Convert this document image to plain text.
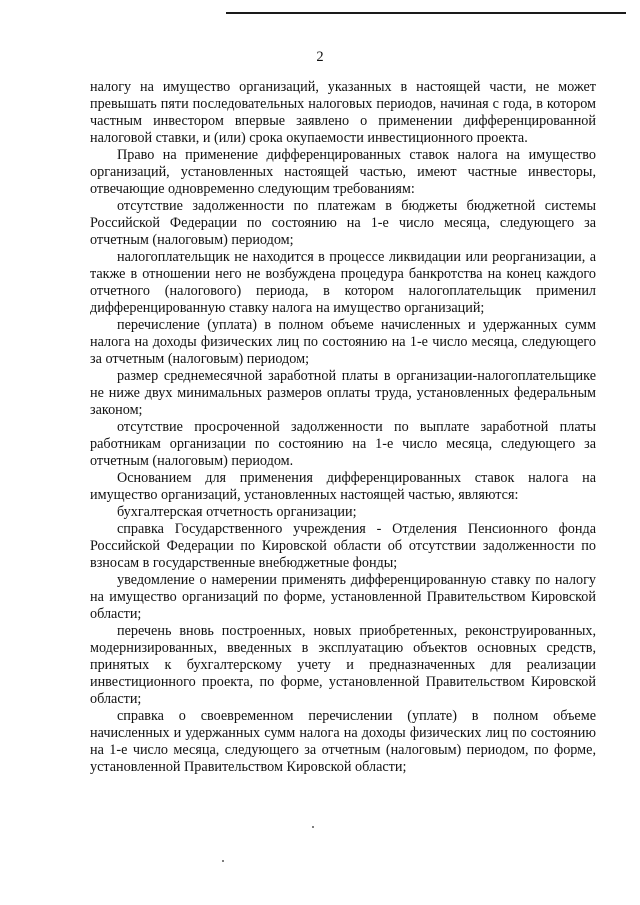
2

налогу на имущество организаций, указанных в настоящей части, не может превышать пяти последовательных налоговых периодов, начиная с года, в котором частным инвестором впервые заявлено о применении дифференцированной налоговой ставки, и (или) срока окупаемости инвестиционного проекта.

Право на применение дифференцированных ставок налога на имущество организаций, установленных настоящей частью, имеют частные инвесторы, отвечающие одновременно следующим требованиям:

отсутствие задолженности по платежам в бюджеты бюджетной системы Российской Федерации по состоянию на 1-е число месяца, следующего за отчетным (налоговым) периодом;

налогоплательщик не находится в процессе ликвидации или реорганизации, а также в отношении него не возбуждена процедура банкротства на конец каждого отчетного (налогового) периода, в котором налогоплательщик применил дифференцированную ставку налога на имущество организаций;

перечисление (уплата) в полном объеме начисленных и удержанных сумм налога на доходы физических лиц по состоянию на 1-е число месяца, следующего за отчетным (налоговым) периодом;

размер среднемесячной заработной платы в организации-налогоплательщике не ниже двух минимальных размеров оплаты труда, установленных федеральным законом;

отсутствие просроченной задолженности по выплате заработной платы работникам организации по состоянию на 1-е число месяца, следующего за отчетным (налоговым) периодом.

Основанием для применения дифференцированных ставок налога на имущество организаций, установленных настоящей частью, являются:

бухгалтерская отчетность организации;

справка Государственного учреждения - Отделения Пенсионного фонда Российской Федерации по Кировской области об отсутствии задолженности по взносам в государственные внебюджетные фонды;

уведомление о намерении применять дифференцированную ставку по налогу на имущество организаций по форме, установленной Правительством Кировской области;

перечень вновь построенных, новых приобретенных, реконструированных, модернизированных, введенных в эксплуатацию объектов основных средств, принятых к бухгалтерскому учету и предназначенных для реализации инвестиционного проекта, по форме, установленной Правительством Кировской области;

справка о своевременном перечислении (уплате) в полном объеме начисленных и удержанных сумм налога на доходы физических лиц по состоянию на 1-е число месяца, следующего за отчетным (налоговым) периодом, по форме, установленной Правительством Кировской области;
